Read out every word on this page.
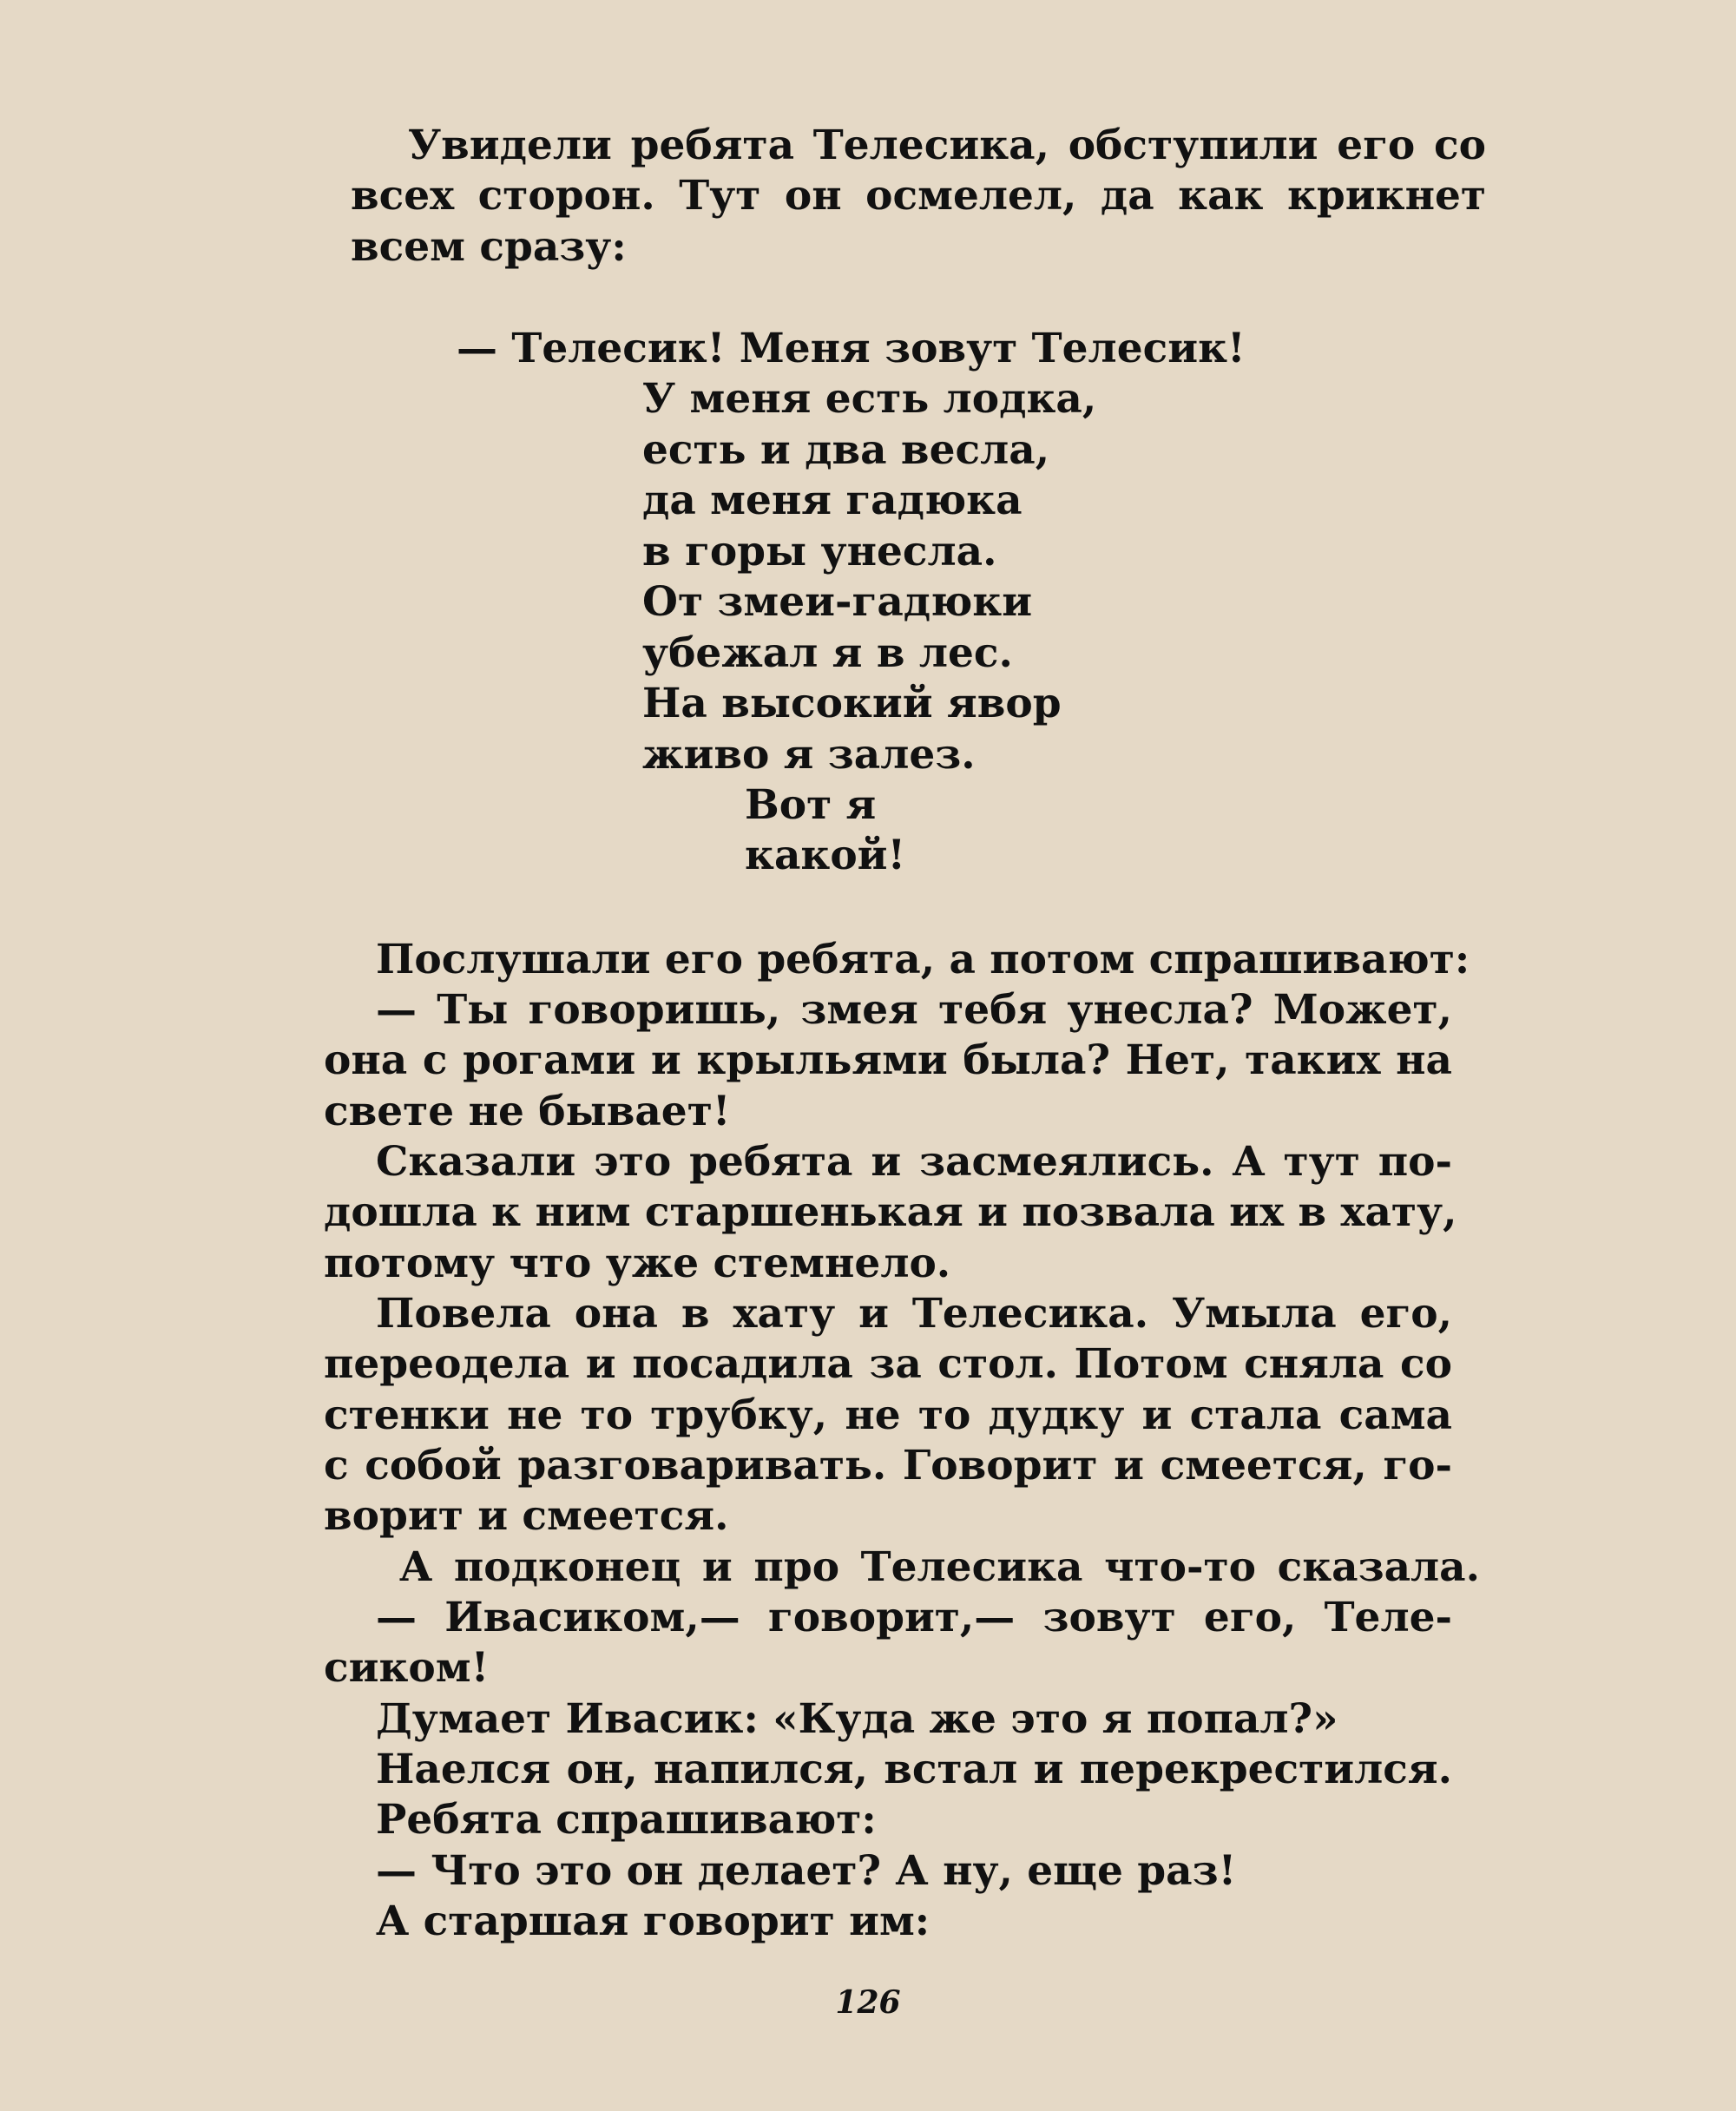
Увидели ребята Телесика, обступили его со
всех сторон. Тут он осмелел, да как крикнет
всем сразу:
— Телесик! Меня зовут Телесик!
У меня есть лодка,
есть и два весла,
да меня гадюка
в горы унесла.
От змеи-гадюки
убежал я в лес.
На высокий явор
живо я залез.
Вот я
какой!
Послушали его ребята, а потом спрашивают:
— Ты говоришь, змея тебя унесла? Может,
она с рогами и крыльями была? Нет, таких на
свете не бывает!
Сказали это ребята и засмеялись. А тут по-
дошла к ним старшенькая и позвала их в хату,
потому что уже стемнело.
Повела она в хату и Телесика. Умыла его,
переодела и посадила за стол. Потом сняла со
стенки не то трубку, не то дудку и стала сама
с собой разговаривать. Говорит и смеется, го-
ворит и смеется.
А подконец и про Телесика что-то сказала.
— Ивасиком,— говорит,— зовут его, Теле-
сиком!
Думает Ивасик: «Куда же это я попал?»
Наелся он, напился, встал и перекрестился.
Ребята спрашивают:
— Что это он делает? А ну, еще раз!
А старшая говорит им:
126
